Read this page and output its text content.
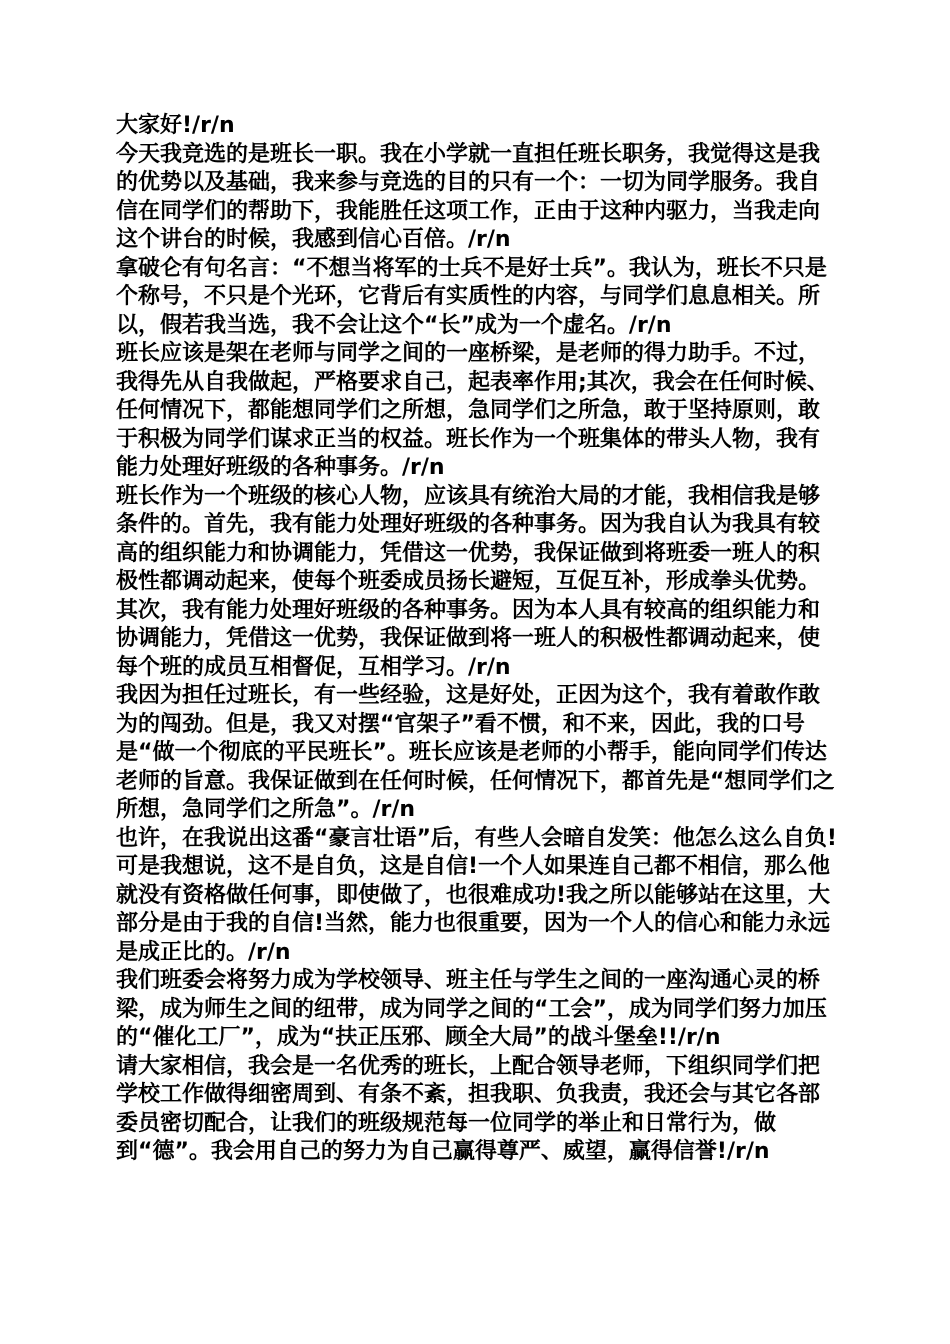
大家好!/r/n

今天我竞选的是班长一职。我在小学就一直担任班长职务，我觉得这是我的优势以及基础，我来参与竞选的目的只有一个：一切为同学服务。我自信在同学们的帮助下，我能胜任这项工作，正由于这种内驱力，当我走向这个讲台的时候，我感到信心百倍。/r/n

拿破仑有句名言：“不想当将军的士兵不是好士兵”。我认为，班长不只是个称号，不只是个光环，它背后有实质性的内容，与同学们息息相关。所以，假若我当选，我不会让这个“长”成为一个虚名。/r/n

班长应该是架在老师与同学之间的一座桥梁，是老师的得力助手。不过，我得先从自我做起，严格要求自己，起表率作用;其次，我会在任何时候、任何情况下，都能想同学们之所想，急同学们之所急，敢于坚持原则，敢于积极为同学们谋求正当的权益。班长作为一个班集体的带头人物，我有能力处理好班级的各种事务。/r/n

班长作为一个班级的核心人物，应该具有统治大局的才能，我相信我是够条件的。首先，我有能力处理好班级的各种事务。因为我自认为我具有较高的组织能力和协调能力，凭借这一优势，我保证做到将班委一班人的积极性都调动起来，使每个班委成员扬长避短，互促互补，形成拳头优势。其次，我有能力处理好班级的各种事务。因为本人具有较高的组织能力和协调能力，凭借这一优势，我保证做到将一班人的积极性都调动起来，使每个班的成员互相督促，互相学习。/r/n

我因为担任过班长，有一些经验，这是好处，正因为这个，我有着敢作敢为的闯劲。但是，我又对摆“官架子”看不惯，和不来，因此，我的口号是“做一个彻底的平民班长”。班长应该是老师的小帮手，能向同学们传达老师的旨意。我保证做到在任何时候，任何情况下，都首先是“想同学们之所想，急同学们之所急”。/r/n

也许，在我说出这番“豪言壮语”后，有些人会暗自发笑：他怎么这么自负!可是我想说，这不是自负，这是自信!一个人如果连自己都不相信，那么他就没有资格做任何事，即使做了，也很难成功!我之所以能够站在这里，大部分是由于我的自信!当然，能力也很重要，因为一个人的信心和能力永远是成正比的。/r/n

我们班委会将努力成为学校领导、班主任与学生之间的一座沟通心灵的桥梁，成为师生之间的纽带，成为同学之间的“工会”，成为同学们努力加压的“催化工厂”，成为“扶正压邪、顾全大局”的战斗堡垒!!/r/n

请大家相信，我会是一名优秀的班长，上配合领导老师，下组织同学们把学校工作做得细密周到、有条不紊，担我职、负我责，我还会与其它各部委员密切配合，让我们的班级规范每一位同学的举止和日常行为，做到“德”。我会用自己的努力为自己赢得尊严、威望，赢得信誉!/r/n
